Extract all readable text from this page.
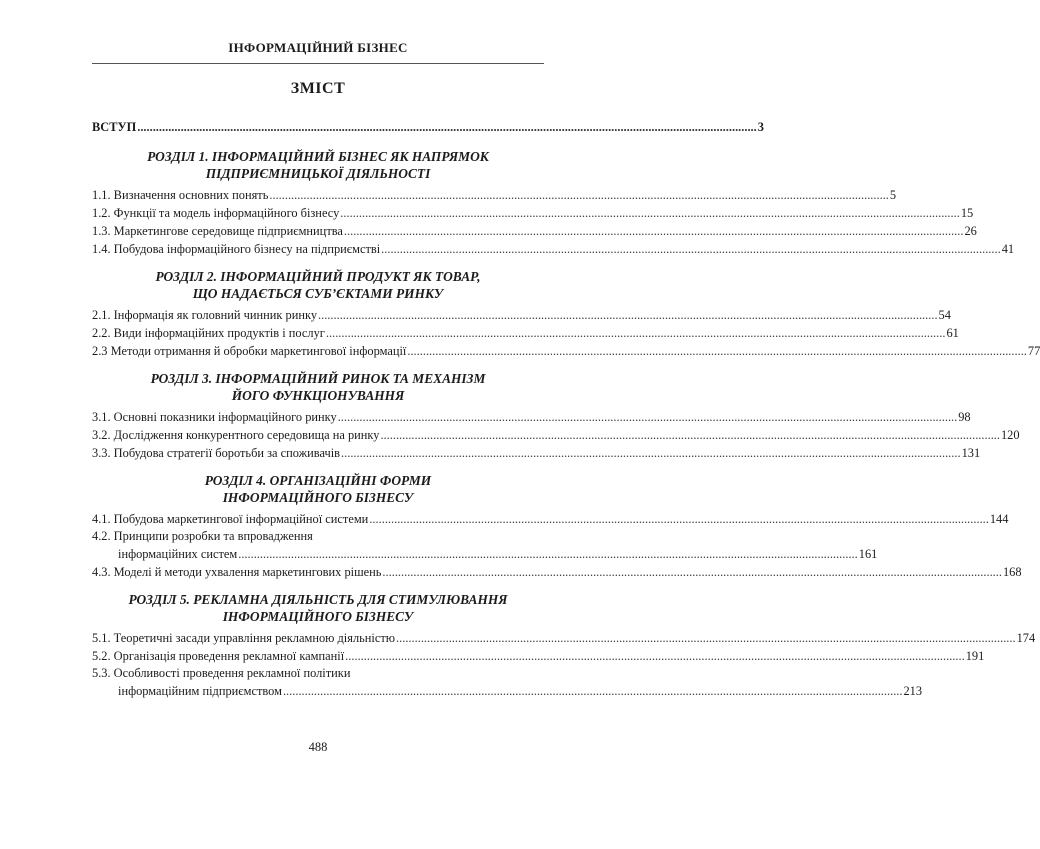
ІНФОРМАЦІЙНИЙ БІЗНЕС
ЗМІСТ
ВСТУП ........................................................................................................................................................................................................ 3
РОЗДІЛ 1. ІНФОРМАЦІЙНИЙ БІЗНЕС ЯК НАПРЯМОК
ПІДПРИЄМНИЦЬКОЇ ДІЯЛЬНОСТІ
1.1. Визначення основних понять ........................................................................................................................................................................................................ 5
1.2. Функції та модель інформаційного бізнесу ........................................................................................................................................................................................................ 15
1.3. Маркетингове середовище підприємництва ........................................................................................................................................................................................................ 26
1.4. Побудова інформаційного бізнесу на підприємстві ........................................................................................................................................................................................................ 41
РОЗДІЛ 2. ІНФОРМАЦІЙНИЙ ПРОДУКТ ЯК ТОВАР,
ЩО НАДАЄТЬСЯ СУБ’ЄКТАМИ РИНКУ
2.1. Інформація як головний чинник ринку ........................................................................................................................................................................................................ 54
2.2. Види інформаційних продуктів і послуг ........................................................................................................................................................................................................ 61
2.3 Методи отримання й обробки маркетингової інформації ........................................................................................................................................................................................................ 77
РОЗДІЛ 3. ІНФОРМАЦІЙНИЙ РИНОК ТА МЕХАНІЗМ
ЙОГО ФУНКЦІОНУВАННЯ
3.1. Основні показники інформаційного ринку ........................................................................................................................................................................................................ 98
3.2. Дослідження конкурентного середовища на ринку ........................................................................................................................................................................................................ 120
3.3. Побудова стратегії боротьби за споживачів ........................................................................................................................................................................................................ 131
РОЗДІЛ 4. ОРГАНІЗАЦІЙНІ ФОРМИ
ІНФОРМАЦІЙНОГО БІЗНЕСУ
4.1. Побудова маркетингової інформаційної системи ........................................................................................................................................................................................................ 144
4.2. Принципи розробки та впровадження
інформаційних систем ........................................................................................................................................................................................................ 161
4.3. Моделі й методи ухвалення маркетингових рішень ........................................................................................................................................................................................................ 168
РОЗДІЛ 5. РЕКЛАМНА ДІЯЛЬНІСТЬ ДЛЯ СТИМУЛЮВАННЯ
ІНФОРМАЦІЙНОГО БІЗНЕСУ
5.1. Теоретичні засади управління рекламною діяльністю ........................................................................................................................................................................................................ 174
5.2. Організація проведення рекламної кампанії ........................................................................................................................................................................................................ 191
5.3. Особливості проведення рекламної політики
інформаційним підприємством ........................................................................................................................................................................................................ 213
488
